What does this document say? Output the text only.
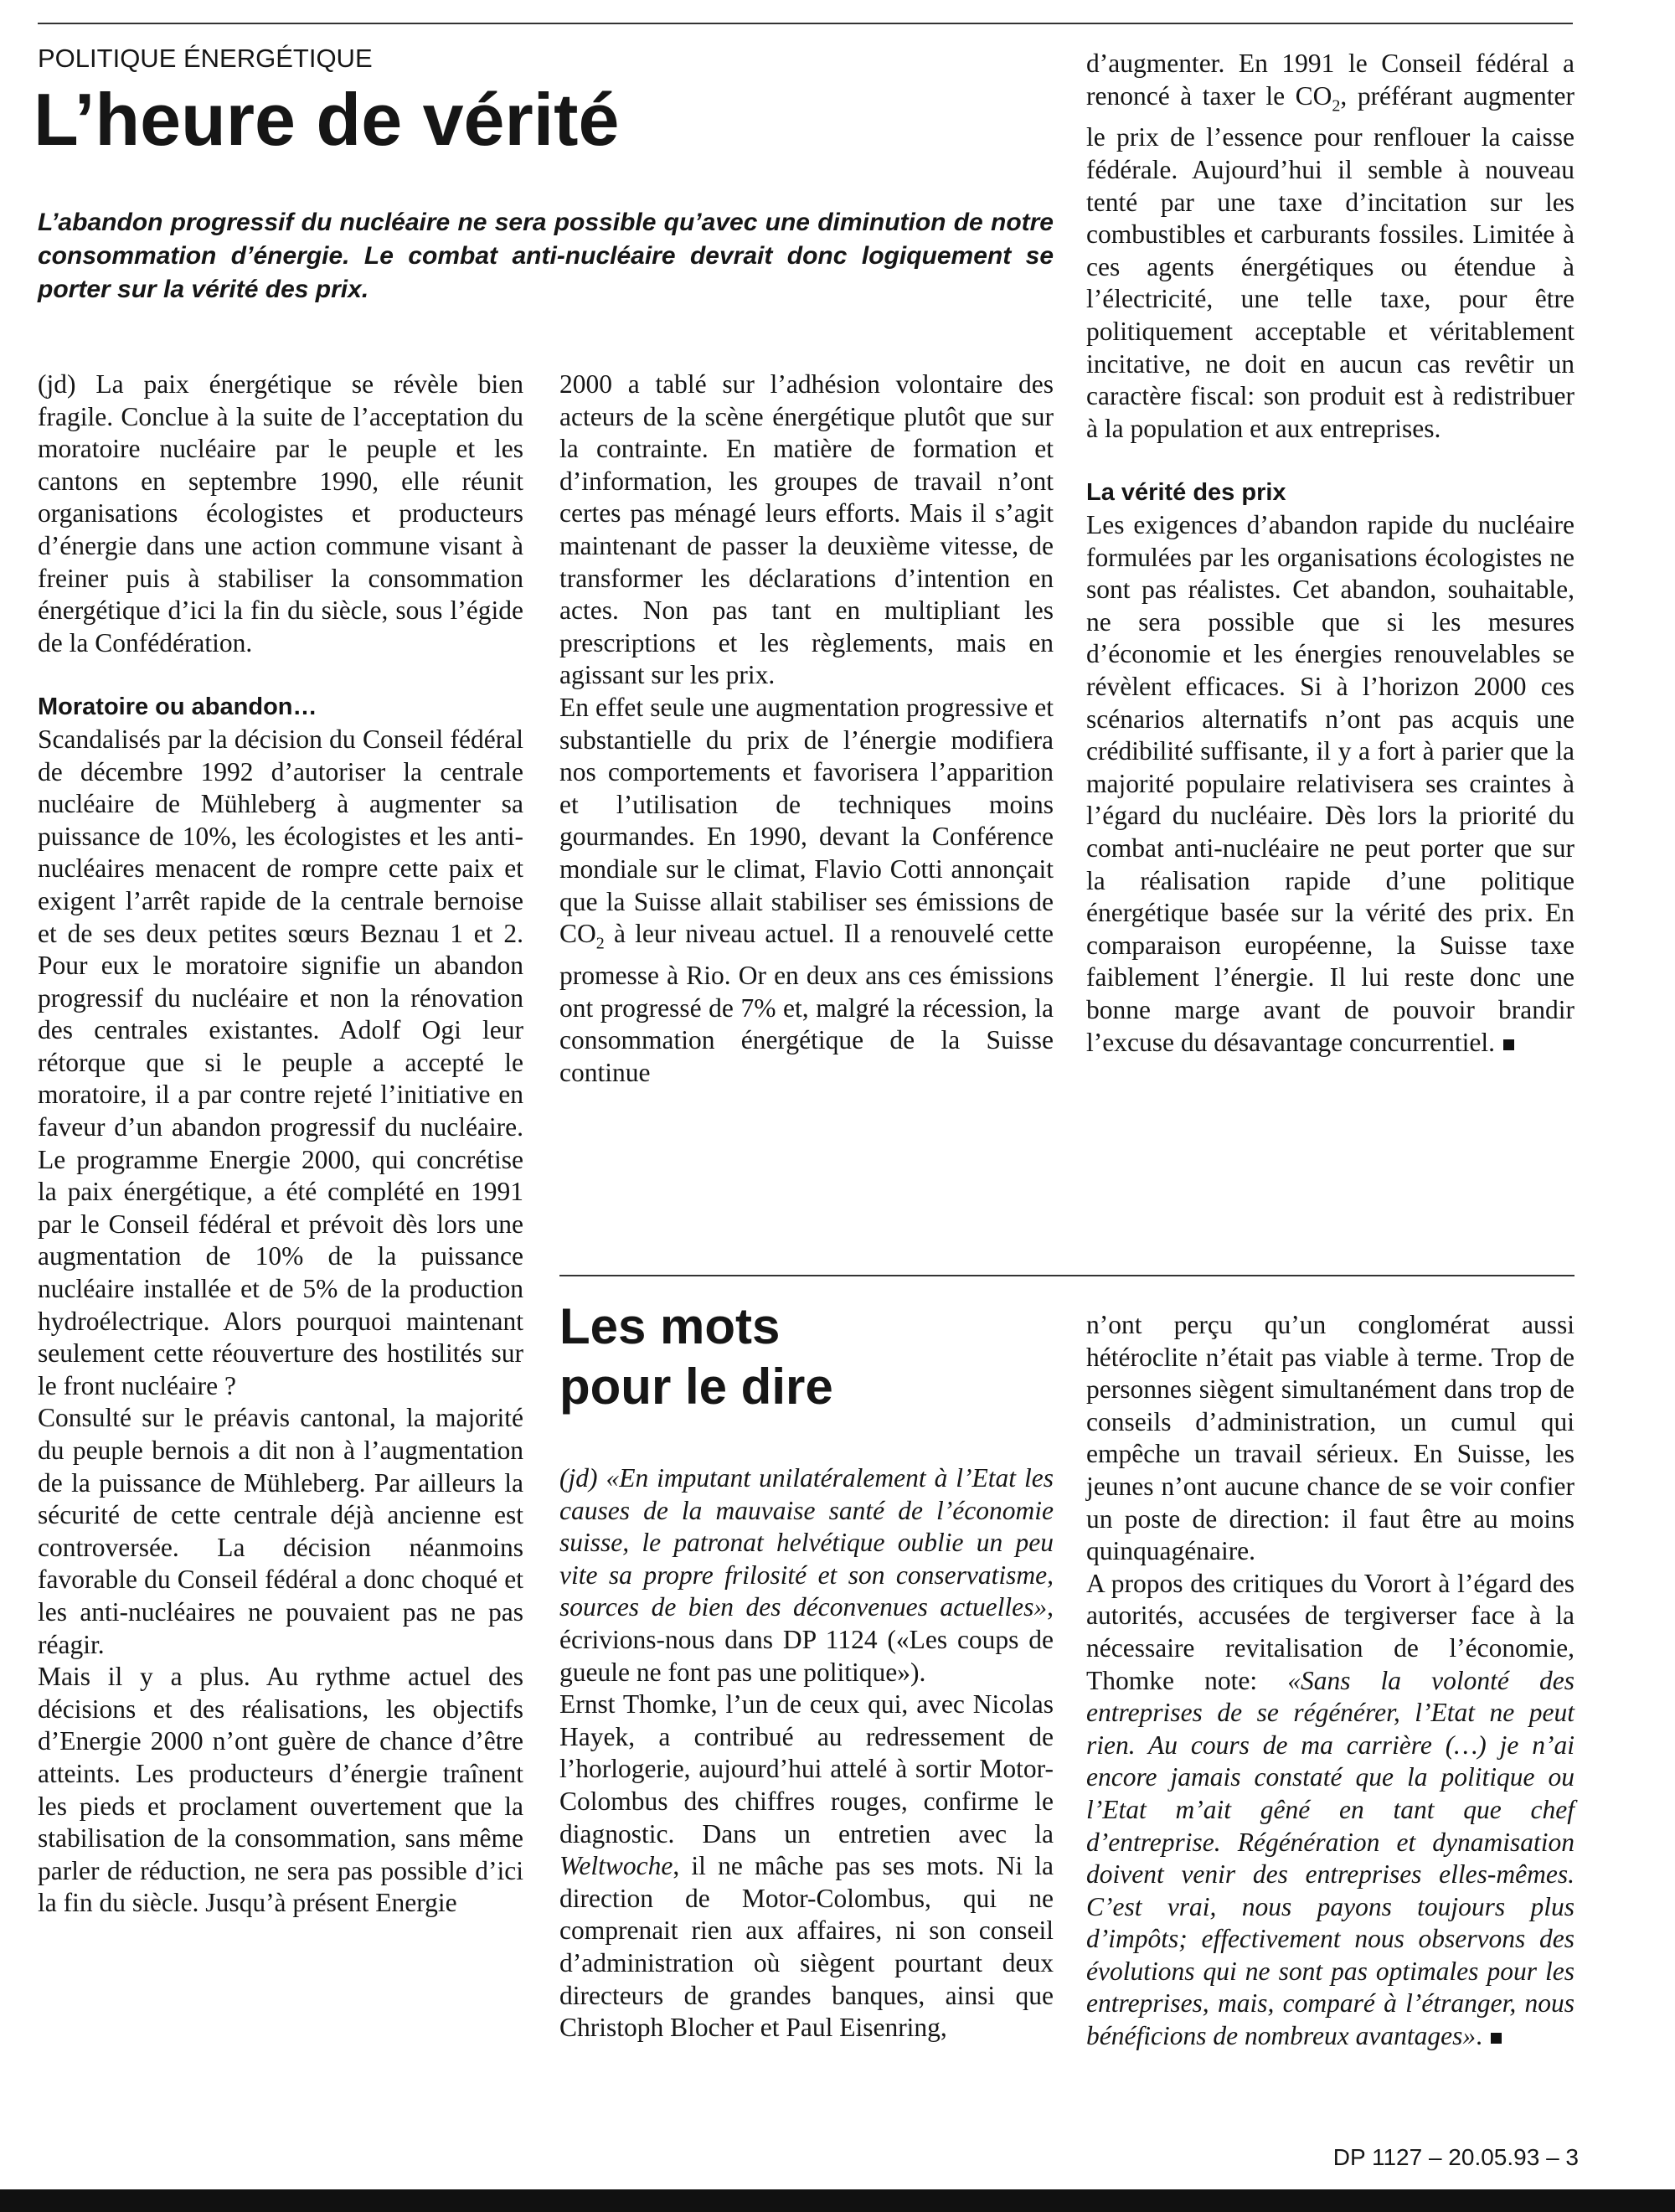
POLITIQUE ÉNERGÉTIQUE
L’heure de vérité

L’abandon progressif du nucléaire ne sera possible qu’avec une diminution de notre consommation d’énergie. Le combat anti-nucléaire devrait donc logiquement se porter sur la vérité des prix.

(jd) La paix énergétique se révèle bien fragile. Conclue à la suite de l’acceptation du moratoire nucléaire par le peuple et les cantons en septembre 1990, elle réunit organisations écologistes et producteurs d’énergie dans une action commune visant à freiner puis à stabiliser la consommation énergétique d’ici la fin du siècle, sous l’égide de la Confédération.

Moratoire ou abandon…

Scandalisés par la décision du Conseil fédéral de décembre 1992 d’autoriser la centrale nucléaire de Mühleberg à augmenter sa puissance de 10%, les écologistes et les anti-nucléaires menacent de rompre cette paix et exigent l’arrêt rapide de la centrale bernoise et de ses deux petites sœurs Beznau 1 et 2. Pour eux le moratoire signifie un abandon progressif du nucléaire et non la rénovation des centrales existantes. Adolf Ogi leur rétorque que si le peuple a accepté le moratoire, il a par contre rejeté l’initiative en faveur d’un abandon progressif du nucléaire. Le programme Energie 2000, qui concrétise la paix énergétique, a été complété en 1991 par le Conseil fédéral et prévoit dès lors une augmentation de 10% de la puissance nucléaire installée et de 5% de la production hydroélectrique. Alors pourquoi maintenant seulement cette réouverture des hostilités sur le front nucléaire ?

Consulté sur le préavis cantonal, la majorité du peuple bernois a dit non à l’augmentation de la puissance de Mühleberg. Par ailleurs la sécurité de cette centrale déjà ancienne est controversée. La décision néanmoins favorable du Conseil fédéral a donc choqué et les anti-nucléaires ne pouvaient pas ne pas réagir.

Mais il y a plus. Au rythme actuel des décisions et des réalisations, les objectifs d’Energie 2000 n’ont guère de chance d’être atteints. Les producteurs d’énergie traînent les pieds et proclament ouvertement que la stabilisation de la consommation, sans même parler de réduction, ne sera pas possible d’ici la fin du siècle. Jusqu’à présent Energie

2000 a tablé sur l’adhésion volontaire des acteurs de la scène énergétique plutôt que sur la contrainte. En matière de formation et d’information, les groupes de travail n’ont certes pas ménagé leurs efforts. Mais il s’agit maintenant de passer la deuxième vitesse, de transformer les déclarations d’intention en actes. Non pas tant en multipliant les prescriptions et les règlements, mais en agissant sur les prix.

En effet seule une augmentation progressive et substantielle du prix de l’énergie modifiera nos comportements et favorisera l’apparition et l’utilisation de techniques moins gourmandes. En 1990, devant la Conférence mondiale sur le climat, Flavio Cotti annonçait que la Suisse allait stabiliser ses émissions de $CO_2$ à leur niveau actuel. Il a renouvelé cette promesse à Rio. Or en deux ans ces émissions ont progressé de 7% et, malgré la récession, la consommation énergétique de la Suisse continue

d’augmenter. En 1991 le Conseil fédéral a renoncé à taxer le $CO_2$, préférant augmenter le prix de l’essence pour renflouer la caisse fédérale. Aujourd’hui il semble à nouveau tenté par une taxe d’incitation sur les combustibles et carburants fossiles. Limitée à ces agents énergétiques ou étendue à l’électricité, une telle taxe, pour être politiquement acceptable et véritablement incitative, ne doit en aucun cas revêtir un caractère fiscal: son produit est à redistribuer à la population et aux entreprises.

La vérité des prix

Les exigences d’abandon rapide du nucléaire formulées par les organisations écologistes ne sont pas réalistes. Cet abandon, souhaitable, ne sera possible que si les mesures d’économie et les énergies renouvelables se révèlent efficaces. Si à l’horizon 2000 ces scénarios alternatifs n’ont pas acquis une crédibilité suffisante, il y a fort à parier que la majorité populaire relativisera ses craintes à l’égard du nucléaire. Dès lors la priorité du combat anti-nucléaire ne peut porter que sur la réalisation rapide d’une politique énergétique basée sur la vérité des prix. En comparaison européenne, la Suisse taxe faiblement l’énergie. Il lui reste donc une bonne marge avant de pouvoir brandir l’excuse du désavantage concurrentiel.

Les mots
pour le dire

(jd) «En imputant unilatéralement à l’Etat les causes de la mauvaise santé de l’économie suisse, le patronat helvétique oublie un peu vite sa propre frilosité et son conservatisme, sources de bien des déconvenues actuelles», écrivions-nous dans DP 1124 («Les coups de gueule ne font pas une politique»).

Ernst Thomke, l’un de ceux qui, avec Nicolas Hayek, a contribué au redressement de l’horlogerie, aujourd’hui attelé à sortir Motor-Colombus des chiffres rouges, confirme le diagnostic. Dans un entretien avec la Weltwoche, il ne mâche pas ses mots. Ni la direction de Motor-Colombus, qui ne comprenait rien aux affaires, ni son conseil d’administration où siègent pourtant deux directeurs de grandes banques, ainsi que Christoph Blocher et Paul Eisenring,

n’ont perçu qu’un conglomérat aussi hétéroclite n’était pas viable à terme. Trop de personnes siègent simultanément dans trop de conseils d’administration, un cumul qui empêche un travail sérieux. En Suisse, les jeunes n’ont aucune chance de se voir confier un poste de direction: il faut être au moins quinquagénaire.

A propos des critiques du Vorort à l’égard des autorités, accusées de tergiverser face à la nécessaire revitalisation de l’économie, Thomke note: «Sans la volonté des entreprises de se régénérer, l’Etat ne peut rien. Au cours de ma carrière (…) je n’ai encore jamais constaté que la politique ou l’Etat m’ait gêné en tant que chef d’entreprise. Régénération et dynamisation doivent venir des entreprises elles-mêmes. C’est vrai, nous payons toujours plus d’impôts; effectivement nous observons des évolutions qui ne sont pas optimales pour les entreprises, mais, comparé à l’étranger, nous bénéficions de nombreux avantages».

DP 1127 – 20.05.93 – 3
